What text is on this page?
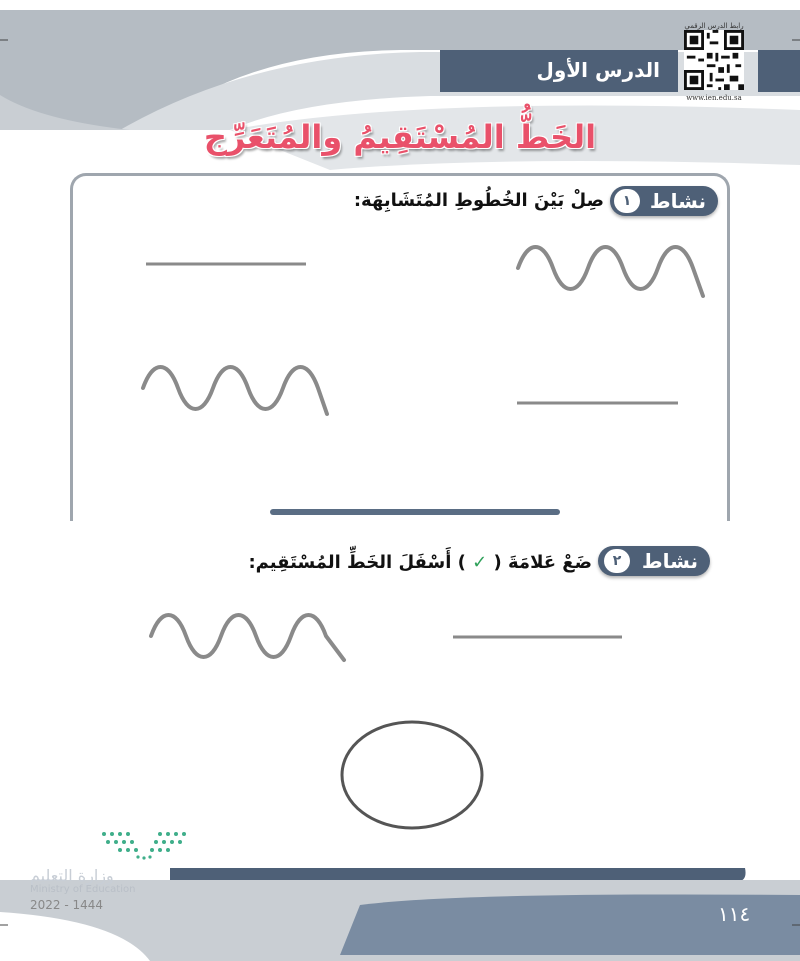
الدرس الأول
رابط الدرس الرقمي
www.ien.edu.sa
الخَطُّ المُسْتَقِيمُ والمُتَعَرِّج
نشاط
١
صِلْ بَيْنَ الخُطُوطِ المُتَشَابِهَة:
نشاط
٢
ضَعْ عَلامَةَ ( ✓ ) أَسْفَلَ الخَطِّ المُسْتَقِيم:
وزارة التعليم
Ministry of Education
2022 - 1444	١١٤
